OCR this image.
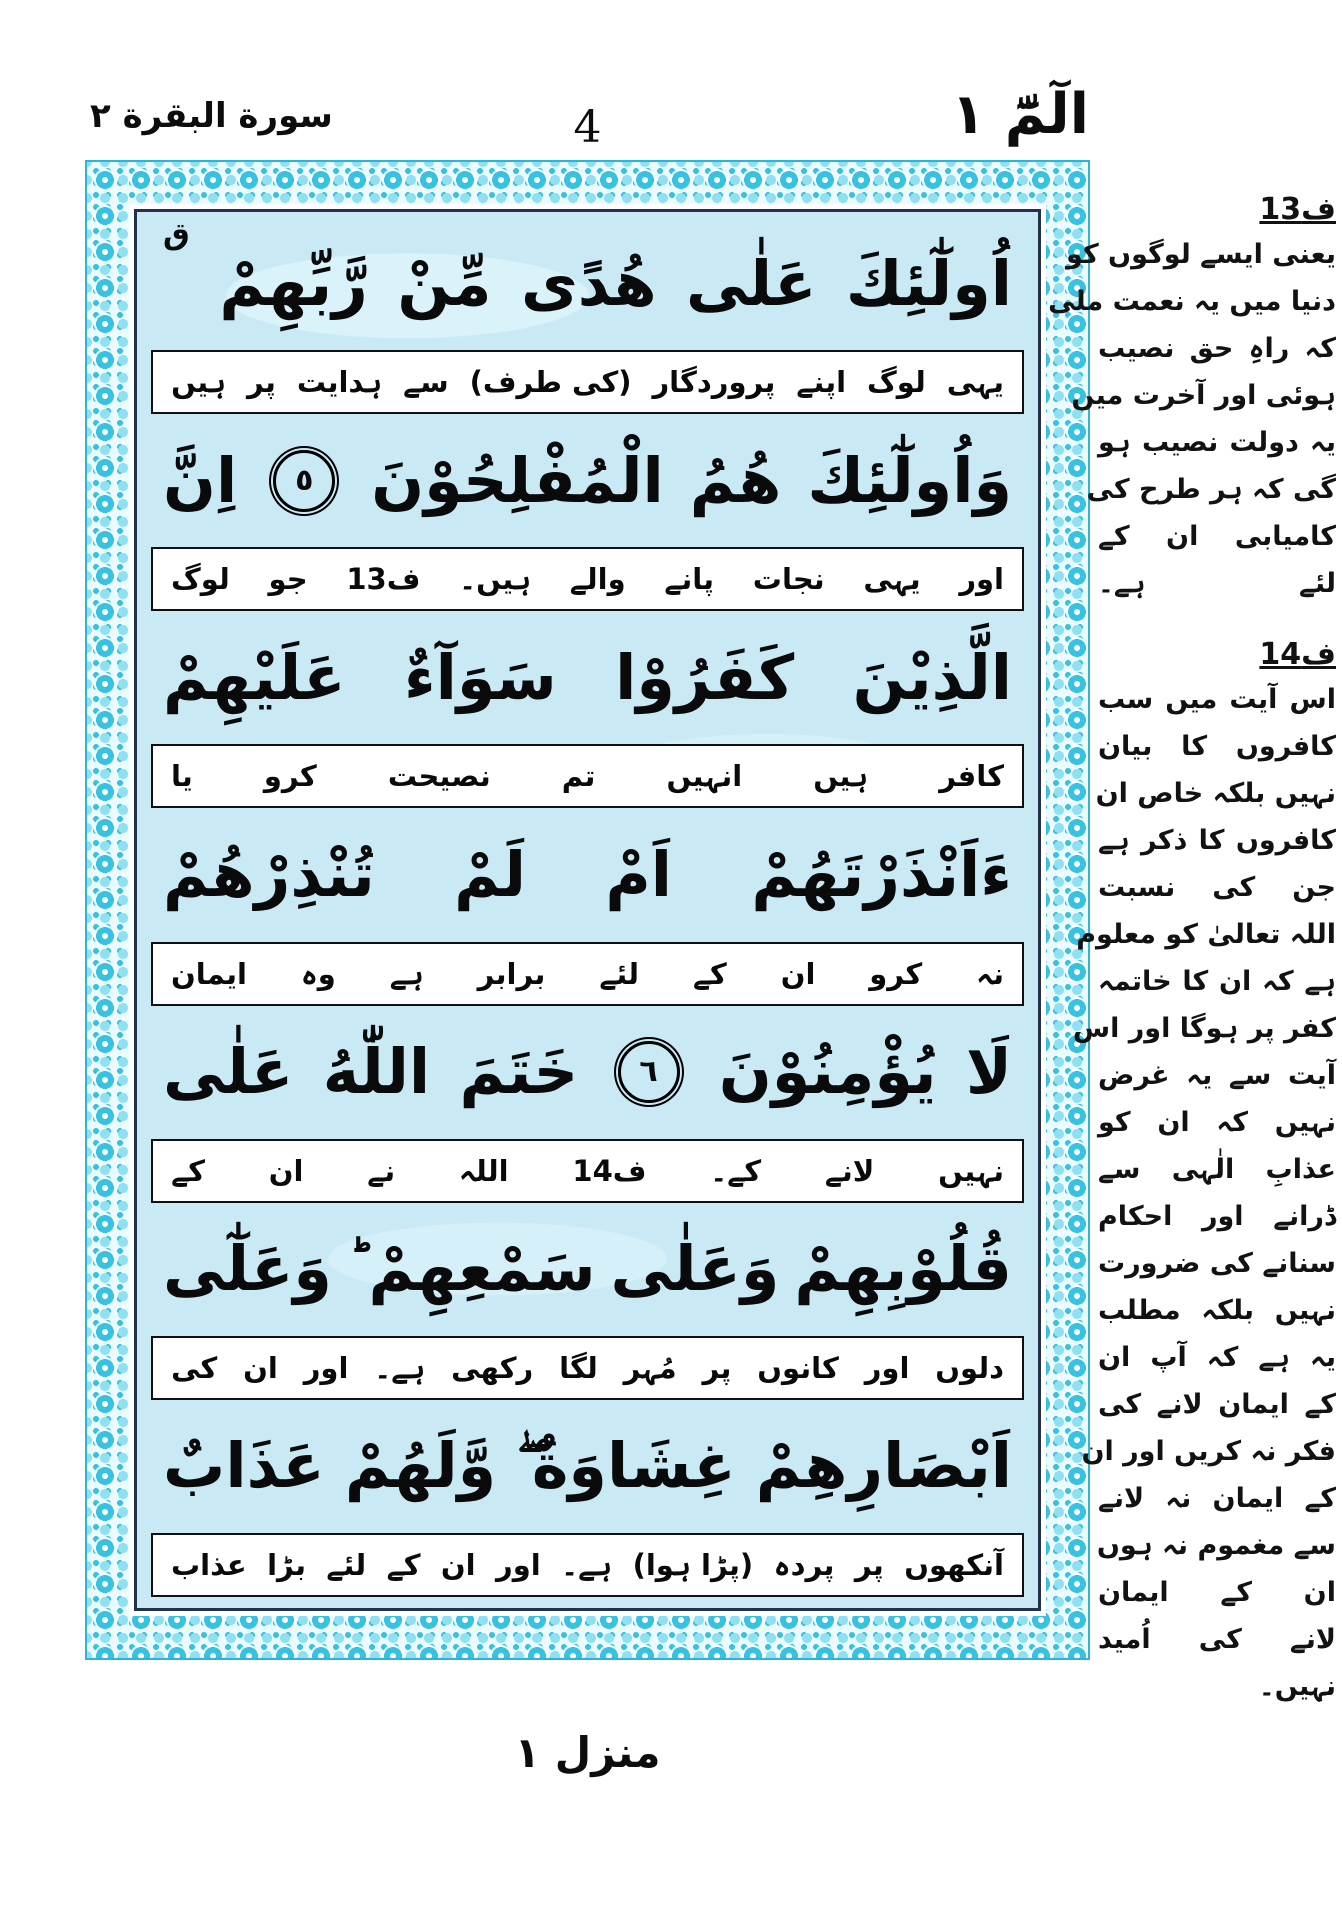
سورة البقرة ٢	4	الٓمّٓ ١
اُولٰٓئِكَ
عَلٰى
هُدًى
مِّنْ
رَّبِّهِمْ
ق
یہی
لوگ
اپنے
پروردگار
(کی طرف)
سے
ہدایت
پر
ہیں
وَاُولٰٓئِكَ
هُمُ
الْمُفْلِحُوْنَ
٥
اِنَّ
اور
یہی
نجات
پانے
والے
ہیں۔
ف13
جو
لوگ
الَّذِيْنَ
كَفَرُوْا
سَوَآءٌ
عَلَيْهِمْ
کافر
ہیں
انہیں
تم
نصیحت
کرو
یا
ءَاَنْذَرْتَهُمْ
اَمْ
لَمْ
تُنْذِرْهُمْ
نہ
کرو
ان
کے
لئے
برابر
ہے
وہ
ایمان
لَا
يُؤْمِنُوْنَ
٦
خَتَمَ
اللّٰهُ
عَلٰى
نہیں
لانے
کے۔
ف14
اللہ
نے
ان
کے
قُلُوْبِهِمْ
وَعَلٰى
سَمْعِهِمْ ؕ
وَعَلٰٓى
دلوں
اور
کانوں
پر
مُہر
لگا
رکھی
ہے۔
اور
ان
کی
اَبْصَارِهِمْ
غِشَاوَةٌ ۖ
وَّلَهُمْ
عَذَابٌ
آنکھوں
پر
پردہ
(پڑا ہوا)
ہے۔
اور
ان
کے
لئے
بڑا
عذاب
ف13
یعنی ایسے لوگوں کو
دنیا میں یہ نعمت ملی
کہ راہِ حق نصیب
ہوئی اور آخرت میں
یہ دولت نصیب ہو
گی کہ ہر طرح کی
کامیابی ان کے
لئے ہے۔
ف14
اس آیت میں سب
کافروں کا بیان
نہیں بلکہ خاص ان
کافروں کا ذکر ہے
جن کی نسبت
اللہ تعالیٰ کو معلوم
ہے کہ ان کا خاتمہ
کفر پر ہوگا اور اس
آیت سے یہ غرض
نہیں کہ ان کو
عذابِ الٰہی سے
ڈرانے اور احکام
سنانے کی ضرورت
نہیں بلکہ مطلب
یہ ہے کہ آپ ان
کے ایمان لانے کی
فکر نہ کریں اور ان
کے ایمان نہ لانے
سے مغموم نہ ہوں
ان کے ایمان
لانے کی اُمید
نہیں۔
منزل ١
